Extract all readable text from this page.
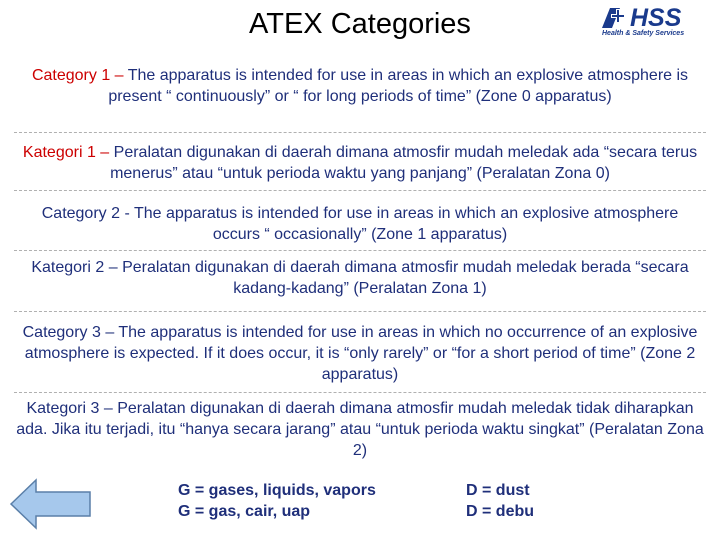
ATEX Categories	HSS
Health & Safety Services
Category 1 – The apparatus is intended for use in areas in which an explosive atmosphere is present “ continuously” or “ for long periods of time” (Zone 0 apparatus)
Kategori 1 – Peralatan digunakan di daerah dimana atmosfir mudah meledak ada “secara terus menerus” atau “untuk perioda waktu yang panjang” (Peralatan Zona 0)
Category 2 - The apparatus is intended for use in areas in which an explosive atmosphere occurs “ occasionally” (Zone 1 apparatus)
Kategori 2 – Peralatan digunakan di daerah dimana atmosfir mudah meledak berada “secara kadang-kadang” (Peralatan Zona 1)
Category 3 – The apparatus is intended for use in areas in which no occurrence of an explosive atmosphere is expected. If it does occur, it is “only rarely” or “for a short period of time” (Zone 2 apparatus)
Kategori 3 – Peralatan digunakan di daerah dimana atmosfir mudah meledak tidak diharapkan ada. Jika itu terjadi, itu “hanya secara jarang” atau “untuk perioda waktu singkat” (Peralatan Zona 2)
G = gases, liquids, vapors
G = gas, cair, uap
D = dust
D = debu
